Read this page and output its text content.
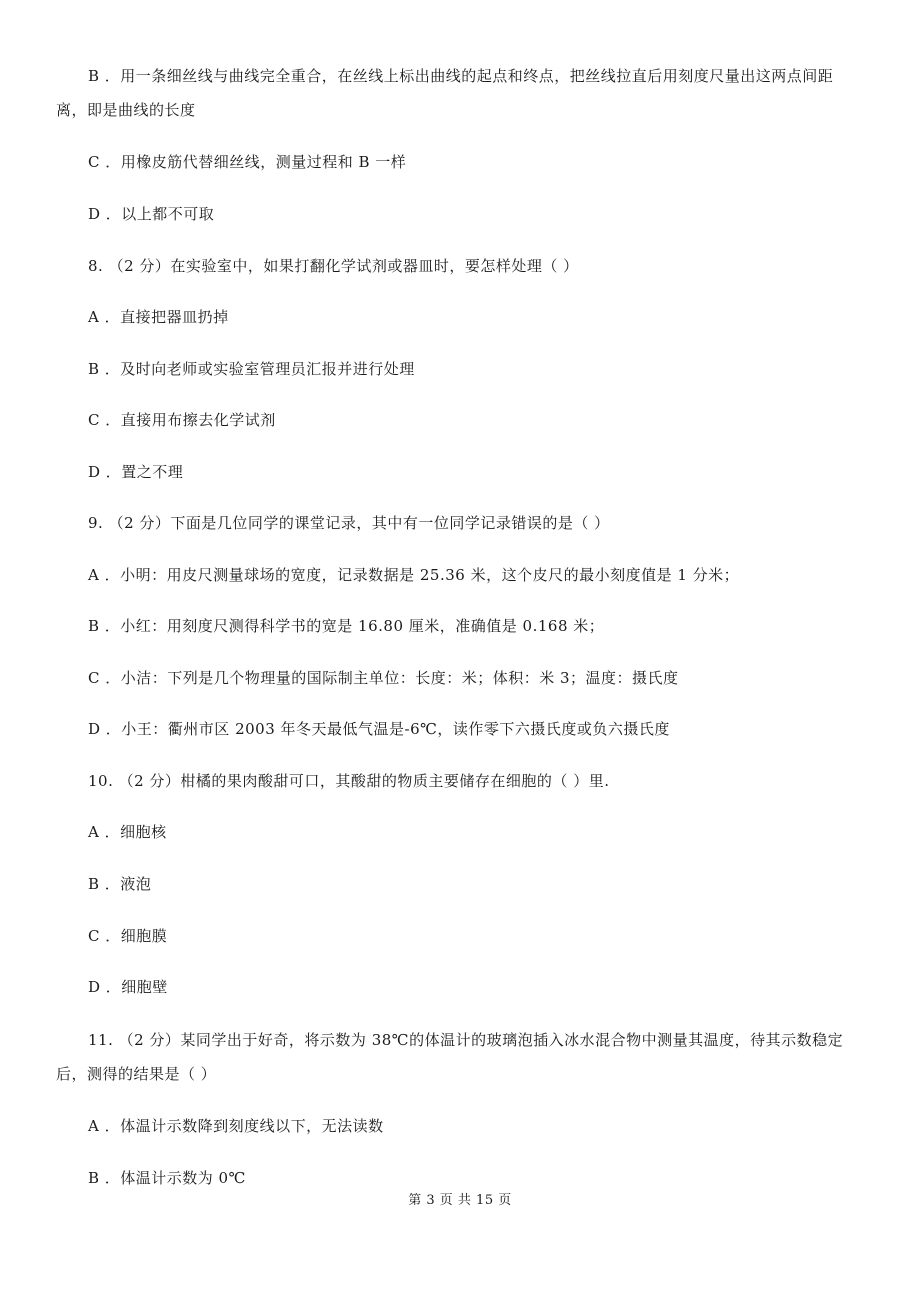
B ．用一条细丝线与曲线完全重合，在丝线上标出曲线的起点和终点，把丝线拉直后用刻度尺量出这两点间距
离，即是曲线的长度
C ．用橡皮筋代替细丝线，测量过程和 B 一样
D ．以上都不可取
8. （2 分）在实验室中，如果打翻化学试剂或器皿时，要怎样处理（ ）
A ．直接把器皿扔掉
B ．及时向老师或实验室管理员汇报并进行处理
C ．直接用布擦去化学试剂
D ．置之不理
9. （2 分）下面是几位同学的课堂记录，其中有一位同学记录错误的是（ ）
A ．小明：用皮尺测量球场的宽度，记录数据是 25.36 米，这个皮尺的最小刻度值是 1 分米；
B ．小红：用刻度尺测得科学书的宽是 16.80 厘米，准确值是 0.168 米；
C ．小洁：下列是几个物理量的国际制主单位：长度：米；体积：米 3；温度：摄氏度
D ．小王：衢州市区 2003 年冬天最低气温是-6℃，读作零下六摄氏度或负六摄氏度
10. （2 分）柑橘的果肉酸甜可口，其酸甜的物质主要储存在细胞的（ ）里.
A ．细胞核
B ．液泡
C ．细胞膜
D ．细胞壁
11. （2 分）某同学出于好奇，将示数为 38℃的体温计的玻璃泡插入冰水混合物中测量其温度，待其示数稳定
后，测得的结果是（ ）
A ．体温计示数降到刻度线以下，无法读数
B ．体温计示数为 0℃
第 3 页 共 15 页
